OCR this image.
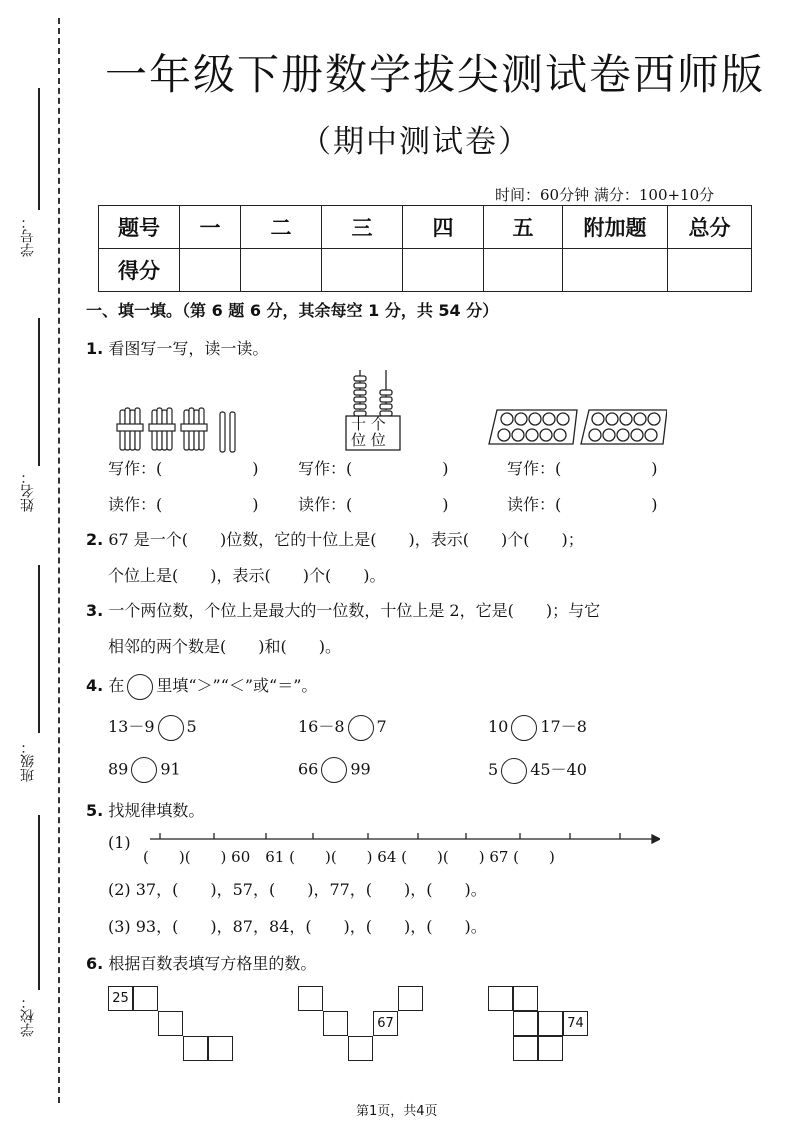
学号：
姓名：
班级：
学校：
一年级下册数学拔尖测试卷西师版
（期中测试卷）
时间：60分钟 满分：100+10分
题号	一	二	三	四	五	附加题	总分
得分							
一、填一填。（第 6 题 6 分，其余每空 1 分，共 54 分）
1. 看图写一写，读一读。
十 个
位 位
写作：(	) 写作：(	)	写作：(	)
读作：(	) 读作：(	)	读作：(	)
2. 67 是一个(　　)位数，它的十位上是(　　)，表示(　　)个(　　)；
个位上是(　　)，表示(　　)个(　　)。
3. 一个两位数，个位上是最大的一位数，十位上是 2，它是(　　)；与它
相邻的两个数是(　　)和(　　)。
4. 在 里填“＞”“＜”或“＝”。
13－9 5	16－8 7	10 17－8
89 91	66 99	5 45－40
5. 找规律填数。
(1)
(　　)(　　) 60　61 (　　)(　　) 64 (　　)(　　) 67 (　　)
(2) 37，(　　)，57，(　　)，77，(　　)，(　　)。
(3) 93，(　　)，87，84，(　　)，(　　)，(　　)。
6. 根据百数表填写方格里的数。
25
67	74
第1页，共4页
